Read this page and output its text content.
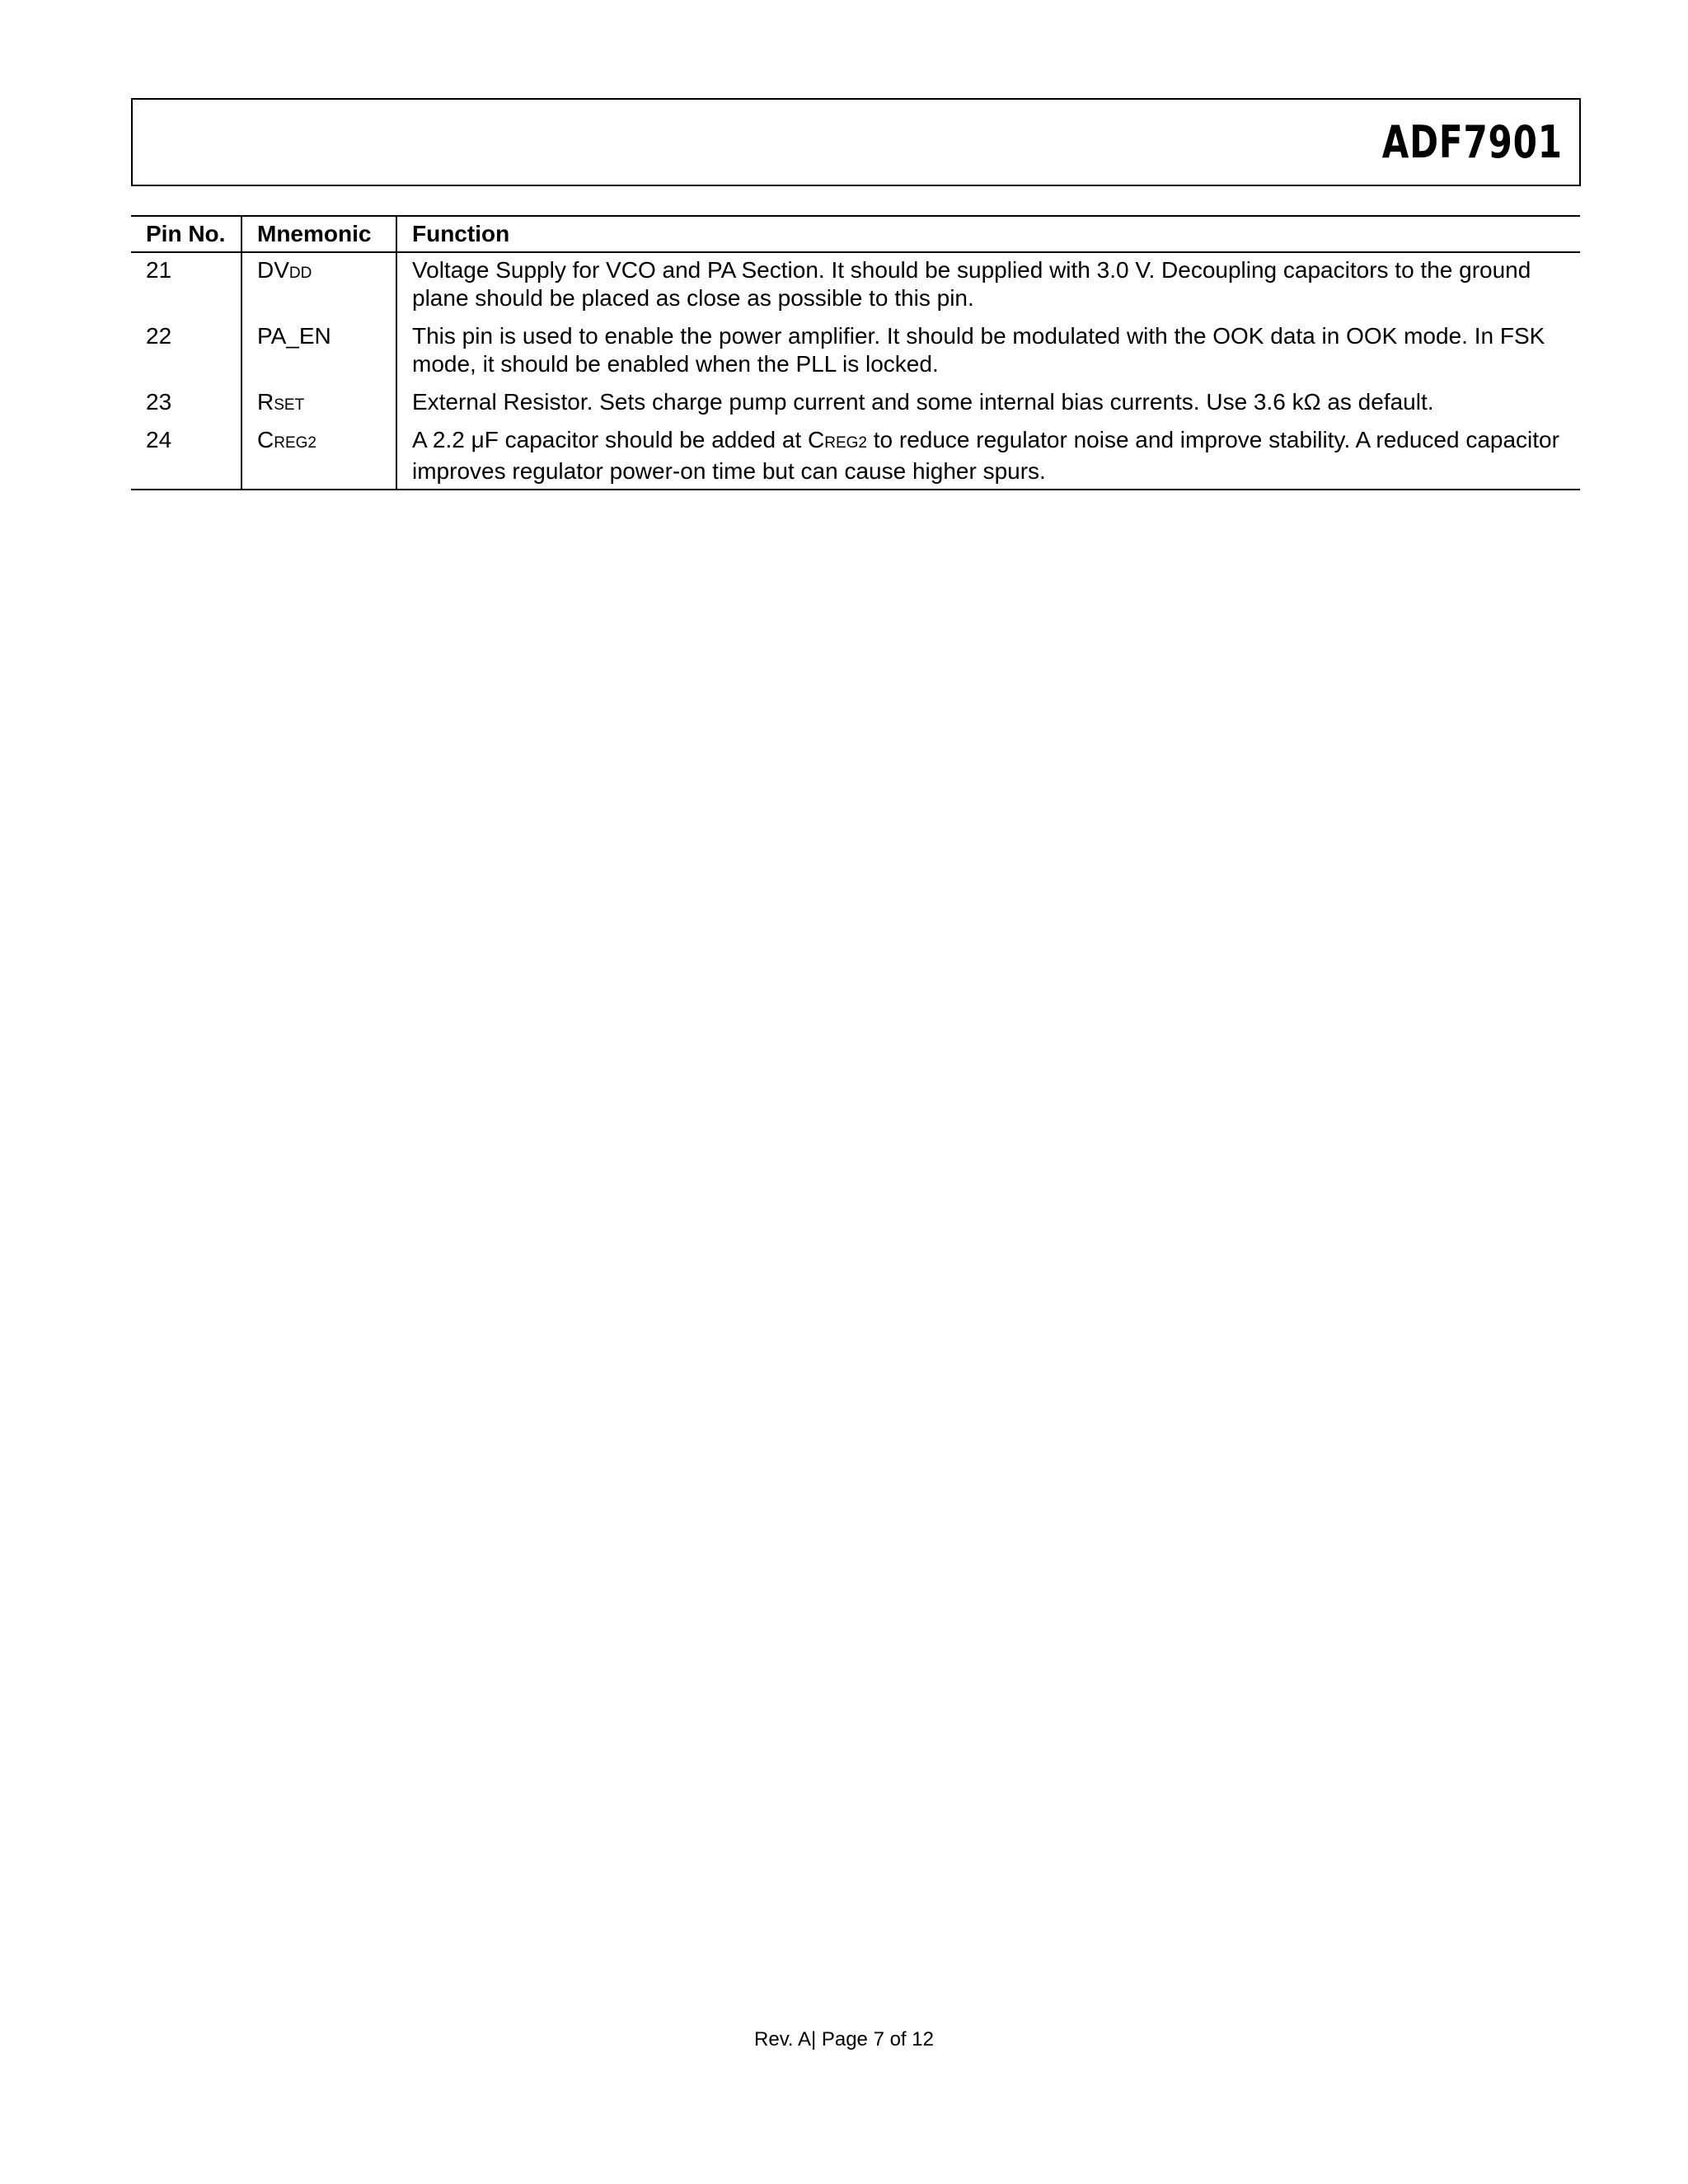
ADF7901
Pin No.	Mnemonic	Function
21	DVDD	Voltage Supply for VCO and PA Section. It should be supplied with 3.0 V. Decoupling capacitors to the ground plane should be placed as close as possible to this pin.
22	PA_EN	This pin is used to enable the power amplifier. It should be modulated with the OOK data in OOK mode. In FSK mode, it should be enabled when the PLL is locked.
23	RSET	External Resistor. Sets charge pump current and some internal bias currents. Use 3.6 kΩ as default.
24	CREG2	A 2.2 μF capacitor should be added at CREG2 to reduce regulator noise and improve stability. A reduced capacitor improves regulator power-on time but can cause higher spurs.
Rev. A| Page 7 of 12
